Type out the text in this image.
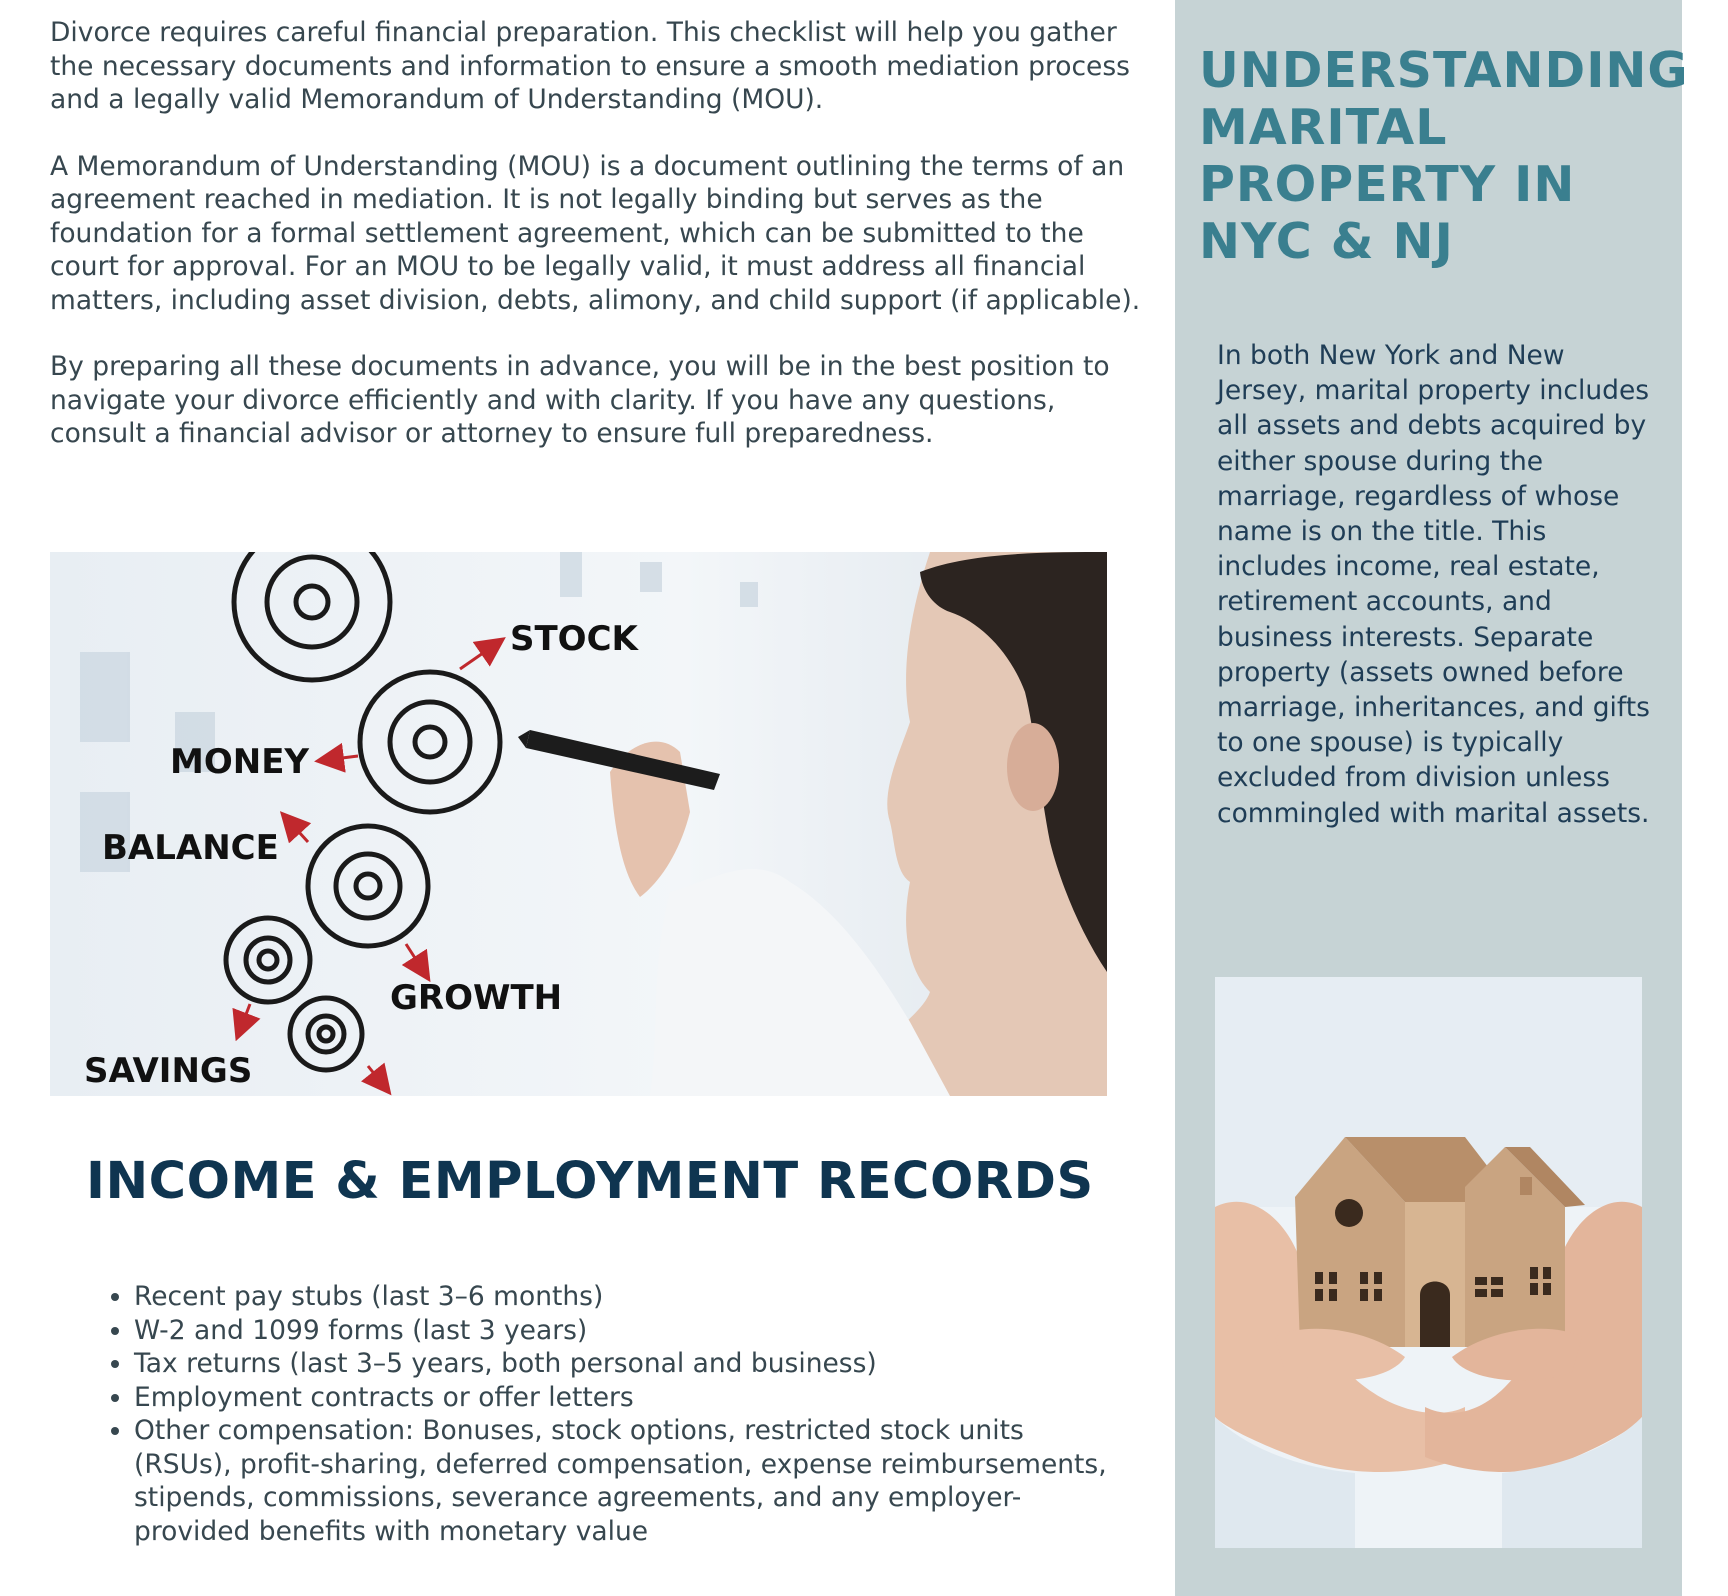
Divorce requires careful financial preparation. This checklist will help you gather the necessary documents and information to ensure a smooth mediation process and a legally valid Memorandum of Understanding (MOU).

A Memorandum of Understanding (MOU) is a document outlining the terms of an agreement reached in mediation. It is not legally binding but serves as the foundation for a formal settlement agreement, which can be submitted to the court for approval. For an MOU to be legally valid, it must address all financial matters, including asset division, debts, alimony, and child support (if applicable).

By preparing all these documents in advance, you will be in the best position to navigate your divorce efficiently and with clarity. If you have any questions, consult a financial advisor or attorney to ensure full preparedness.

STOCK
MONEY
BALANCE
GROWTH
SAVINGS
INCOME & EMPLOYMENT RECORDS
• Recent pay stubs (last 3–6 months)
• W-2 and 1099 forms (last 3 years)
• Tax returns (last 3–5 years, both personal and business)
• Employment contracts or offer letters
• Other compensation: Bonuses, stock options, restricted stock units (RSUs), profit-sharing, deferred compensation, expense reimbursements, stipends, commissions, severance agreements, and any employer-provided benefits with monetary value
UNDERSTANDING MARITAL PROPERTY IN NYC & NJ

In both New York and New Jersey, marital property includes all assets and debts acquired by either spouse during the marriage, regardless of whose name is on the title. This includes income, real estate, retirement accounts, and business interests. Separate property (assets owned before marriage, inheritances, and gifts to one spouse) is typically excluded from division unless commingled with marital assets.
